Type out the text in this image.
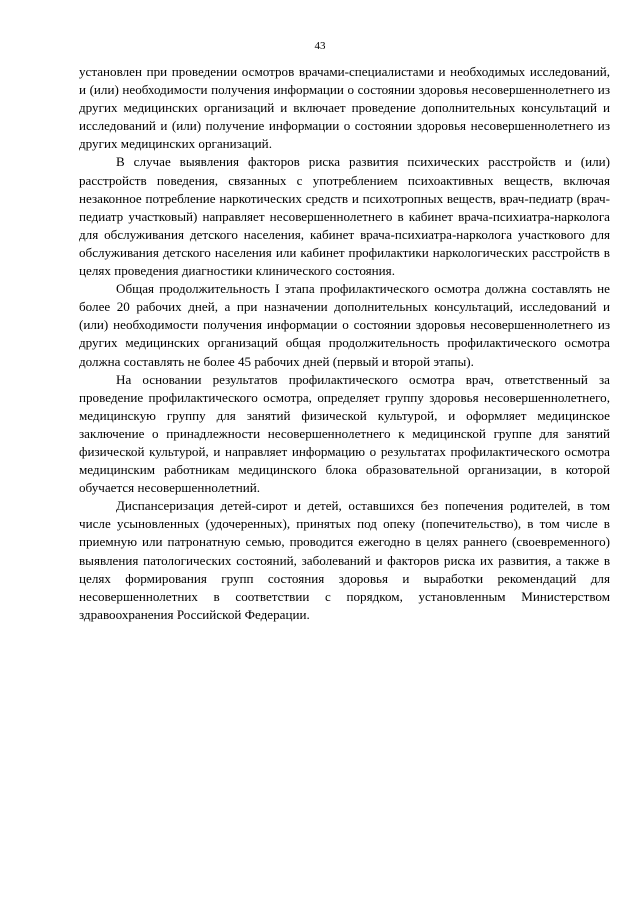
43

установлен при проведении осмотров врачами-специалистами и необходимых исследований, и (или) необходимости получения информации о состоянии здоровья несовершеннолетнего из других медицинских организаций и включает проведение дополнительных консультаций и исследований и (или) получение информации о состоянии здоровья несовершеннолетнего из других медицинских организаций.

В случае выявления факторов риска развития психических расстройств и (или) расстройств поведения, связанных с употреблением психоактивных веществ, включая незаконное потребление наркотических средств и психотропных веществ, врач-педиатр (врач-педиатр участковый) направляет несовершеннолетнего в кабинет врача-психиатра-нарколога для обслуживания детского населения, кабинет врача-психиатра-нарколога участкового для обслуживания детского населения или кабинет профилактики наркологических расстройств в целях проведения диагностики клинического состояния.

Общая продолжительность I этапа профилактического осмотра должна составлять не более 20 рабочих дней, а при назначении дополнительных консультаций, исследований и (или) необходимости получения информации о состоянии здоровья несовершеннолетнего из других медицинских организаций общая продолжительность профилактического осмотра должна составлять не более 45 рабочих дней (первый и второй этапы).

На основании результатов профилактического осмотра врач, ответственный за проведение профилактического осмотра, определяет группу здоровья несовершеннолетнего, медицинскую группу для занятий физической культурой, и оформляет медицинское заключение о принадлежности несовершеннолетнего к медицинской группе для занятий физической культурой, и направляет информацию о результатах профилактического осмотра медицинским работникам медицинского блока образовательной организации, в которой обучается несовершеннолетний.

Диспансеризация детей-сирот и детей, оставшихся без попечения родителей, в том числе усыновленных (удочеренных), принятых под опеку (попечительство), в том числе в приемную или патронатную семью, проводится ежегодно в целях раннего (своевременного) выявления патологических состояний, заболеваний и факторов риска их развития, а также в целях формирования групп состояния здоровья и выработки рекомендаций для несовершеннолетних в соответствии с порядком, установленным Министерством здравоохранения Российской Федерации.
